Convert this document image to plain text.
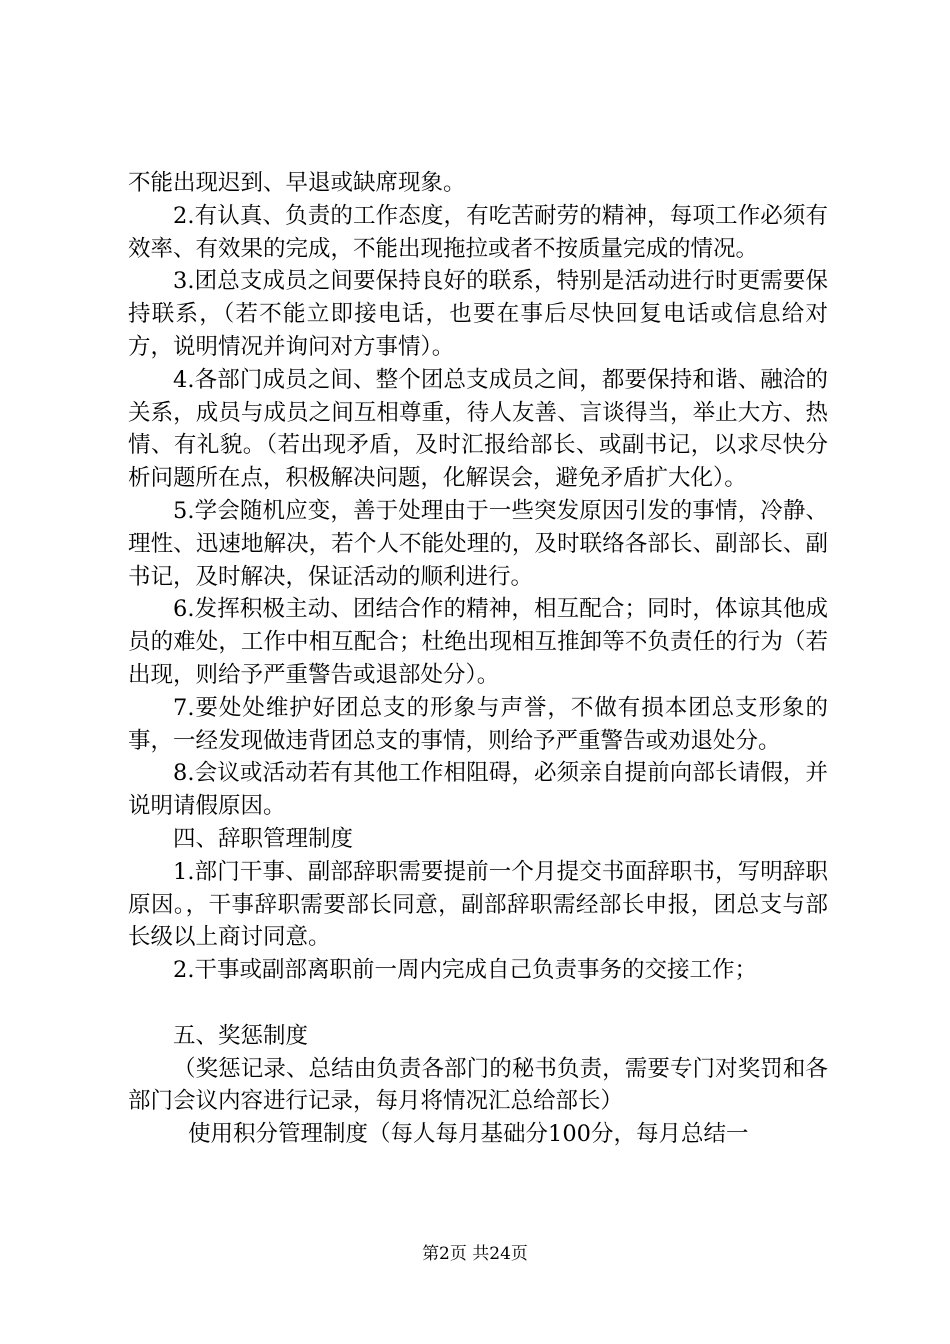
不能出现迟到、早退或缺席现象。

2.有认真、负责的工作态度，有吃苦耐劳的精神，每项工作必须有效率、有效果的完成，不能出现拖拉或者不按质量完成的情况。

3.团总支成员之间要保持良好的联系，特别是活动进行时更需要保持联系，（若不能立即接电话，也要在事后尽快回复电话或信息给对方，说明情况并询问对方事情）。

4.各部门成员之间、整个团总支成员之间，都要保持和谐、融洽的关系，成员与成员之间互相尊重，待人友善、言谈得当，举止大方、热情、有礼貌。（若出现矛盾，及时汇报给部长、或副书记，以求尽快分析问题所在点，积极解决问题，化解误会，避免矛盾扩大化）。

5.学会随机应变，善于处理由于一些突发原因引发的事情，冷静、理性、迅速地解决，若个人不能处理的，及时联络各部长、副部长、副书记，及时解决，保证活动的顺利进行。

6.发挥积极主动、团结合作的精神，相互配合；同时，体谅其他成员的难处，工作中相互配合；杜绝出现相互推卸等不负责任的行为（若出现，则给予严重警告或退部处分）。

7.要处处维护好团总支的形象与声誉，不做有损本团总支形象的事，一经发现做违背团总支的事情，则给予严重警告或劝退处分。

8.会议或活动若有其他工作相阻碍，必须亲自提前向部长请假，并说明请假原因。

四、辞职管理制度

1.部门干事、副部辞职需要提前一个月提交书面辞职书，写明辞职原因。，干事辞职需要部长同意，副部辞职需经部长申报，团总支与部长级以上商讨同意。

2.干事或副部离职前一周内完成自己负责事务的交接工作；

五、奖惩制度

（奖惩记录、总结由负责各部门的秘书负责，需要专门对奖罚和各部门会议内容进行记录，每月将情况汇总给部长）

使用积分管理制度（每人每月基础分100分，每月总结一

第2页 共24页
